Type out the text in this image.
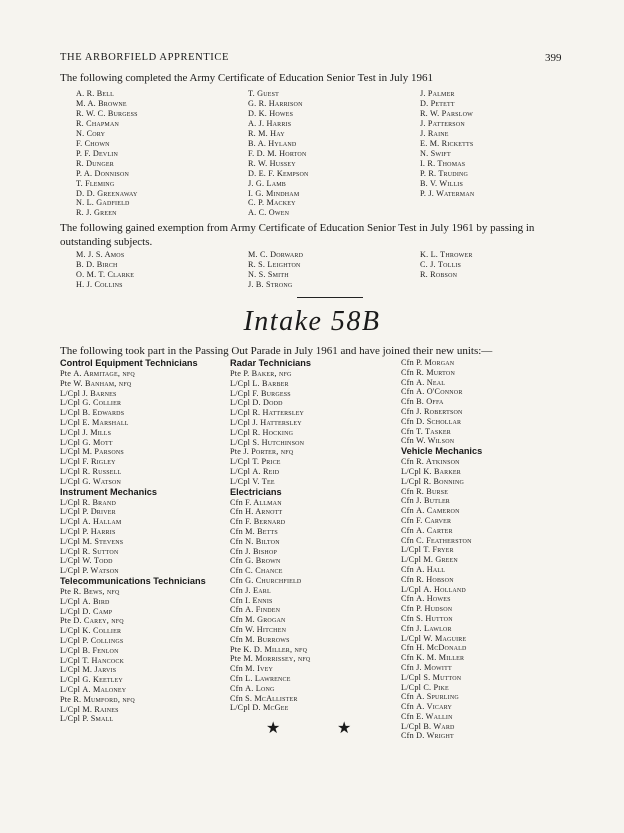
THE ARBORFIELD APPRENTICE	399
The following completed the Army Certificate of Education Senior Test in July 1961
A. R. Bell
M. A. Browne
R. W. C. Burgess
R. Chapman
N. Cory
F. Chown
P. F. Devlin
R. Dunger
P. A. Donnison
T. Fleming
D. D. Greenaway
N. L. Gadfield
R. J. Green
T. Guest
G. R. Harrison
D. K. Howes
A. J. Harris
R. M. Hay
B. A. Hyland
F. D. M. Horton
R. W. Hussey
D. E. F. Kempson
J. G. Lamb
I. G. Mindham
C. P. Mackey
A. C. Owen
J. Palmer
D. Petett
R. W. Parslow
J. Patterson
J. Raine
E. M. Ricketts
N. Swift
I. R. Thomas
P. R. Truding
B. V. Willis
P. J. Waterman
The following gained exemption from Army Certificate of Education Senior Test in July 1961 by passing in outstanding subjects.
M. J. S. Amos
B. D. Birch
O. M. T. Clarke
H. J. Collins
M. C. Dorward
R. S. Leighton
N. S. Smith
J. B. Strong
K. L. Thrower
C. J. Tollis
R. Robson
Intake 58B
The following took part in the Passing Out Parade in July 1961 and have joined their new units:—
Control Equipment Technicians
Pte A. Armitage, nfq
Pte W. Banham, nfq
L/Cpl J. Barnes
L/Cpl G. Collier
L/Cpl B. Edwards
L/Cpl E. Marshall
L/Cpl J. Mills
L/Cpl G. Mott
L/Cpl M. Parsons
L/Cpl F. Rigley
L/Cpl R. Russell
L/Cpl G. Watson
Instrument Mechanics
L/Cpl R. Brand
L/Cpl P. Driver
L/Cpl A. Hallam
L/Cpl P. Harris
L/Cpl M. Stevens
L/Cpl R. Sutton
L/Cpl W. Todd
L/Cpl P. Watson
Telecommunications Technicians
Pte R. Bews, nfq
L/Cpl A. Bird
L/Cpl D. Camp
Pte D. Carey, nfq
L/Cpl K. Collier
L/Cpl P. Collings
L/Cpl B. Fenlon
L/Cpl T. Hancock
L/Cpl M. Jarvis
L/Cpl G. Keetley
L/Cpl A. Maloney
Pte R. Mumford, nfq
L/Cpl M. Raines
L/Cpl P. Small
Radar Technicians
Pte P. Baker, nfg
L/Cpl L. Barber
L/Cpl F. Burgess
L/Cpl D. Dodd
L/Cpl R. Hattersley
L/Cpl J. Hattersley
L/Cpl R. Hocking
L/Cpl S. Hutchinson
Pte J. Porter, nfq
L/Cpl T. Price
L/Cpl A. Reid
L/Cpl V. Tee
Electricians
Cfn F. Allman
Cfn H. Arnott
Cfn F. Bernard
Cfn M. Betts
Cfn N. Bilton
Cfn J. Bishop
Cfn G. Brown
Cfn C. Chance
Cfn G. Churchfield
Cfn J. Earl
Cfn I. Ennis
Cfn A. Finden
Cfn M. Grogan
Cfn W. Hitchen
Cfn M. Burrows
Pte K. D. Miller, nfq
Pte M. Morrissey, nfq
Cfn M. Ivey
Cfn L. Lawrence
Cfn A. Long
Cfn S. McAllister
L/Cpl D. McGee
Cfn P. Morgan
Cfn R. Murton
Cfn A. Neal
Cfn A. O'Connor
Cfn B. Offa
Cfn J. Robertson
Cfn D. Schollar
Cfn T. Tasker
Cfn W. Wilson
Vehicle Mechanics
Cfn R. Atkinson
L/Cpl K. Barker
L/Cpl R. Bonning
Cfn R. Burse
Cfn J. Butler
Cfn A. Cameron
Cfn F. Carver
Cfn A. Carter
Cfn C. Featherston
L/Cpl T. Fryer
L/Cpl M. Green
Cfn A. Hall
Cfn R. Hobson
L/Cpl A. Holland
Cfn A. Howes
Cfn P. Hudson
Cfn S. Hutton
Cfn J. Lawlor
L/Cpl W. Maguire
Cfn H. McDonald
Cfn K. M. Miller
Cfn J. Mowitt
L/Cpl S. Mutton
L/Cpl C. Pike
Cfn A. Spurling
Cfn A. Vicary
Cfn E. Wallin
L/Cpl B. Ward
Cfn D. Wright
★	★
